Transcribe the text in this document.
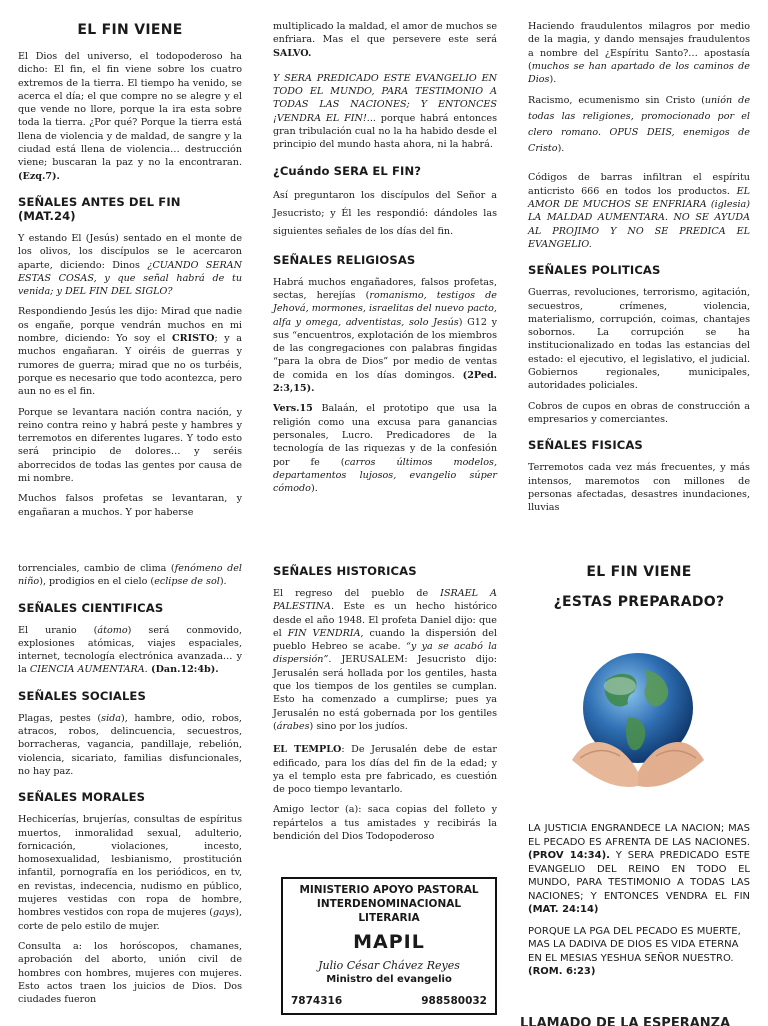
EL FIN VIENE

El Dios del universo, el todopoderoso ha dicho: El fin, el fin viene sobre los cuatro extremos de la tierra. El tiempo ha venido, se acerca el día; el que compre no se alegre y el que vende no llore, porque la ira esta sobre toda la tierra. ¿Por qué? Porque la tierra está llena de violencia y de maldad, de sangre y la ciudad está llena de violencia… destrucción viene; buscaran la paz y no la encontraran. (Ezq.7).

SEÑALES ANTES DEL FIN (MAT.24)

Y estando El (Jesús) sentado en el monte de los olivos, los discípulos se le acercaron aparte, diciendo: Dinos ¿CUANDO SERAN ESTAS COSAS, y que señal habrá de tu venida; y DEL FIN DEL SIGLO?

Respondiendo Jesús les dijo: Mirad que nadie os engañe, porque vendrán muchos en mi nombre, diciendo: Yo soy el CRISTO; y a muchos engañaran. Y oiréis de guerras y rumores de guerra; mirad que no os turbéis, porque es necesario que todo acontezca, pero aun no es el fin.

Porque se levantara nación contra nación, y reino contra reino y habrá peste y hambres y terremotos en diferentes lugares. Y todo esto será principio de dolores… y seréis aborrecidos de todas las gentes por causa de mi nombre.

Muchos falsos profetas se levantaran, y engañaran a muchos. Y por haberse

multiplicado la maldad, el amor de muchos se enfriara. Mas el que persevere este será SALVO.

Y SERA PREDICADO ESTE EVANGELIO EN TODO EL MUNDO, PARA TESTIMONIO A TODAS LAS NACIONES; Y ENTONCES ¡VENDRA EL FIN!... porque habrá entonces gran tribulación cual no la ha habido desde el principio del mundo hasta ahora, ni la habrá.

¿Cuándo SERA EL FIN?

Así preguntaron los discípulos del Señor a Jesucristo; y Él les respondió: dándoles las siguientes señales de los días del fin.

SEÑALES RELIGIOSAS

Habrá muchos engañadores, falsos profetas, sectas, herejías (romanismo, testigos de Jehová, mormones, israelitas del nuevo pacto, alfa y omega, adventistas, solo Jesús) G12 y sus “encuentros, explotación de los miembros de las congregaciones con palabras fingidas “para la obra de Dios” por medio de ventas de comida en los días domingos. (2Ped. 2:3,15).

Vers.15 Balaán, el prototipo que usa la religión como una excusa para ganancias personales, Lucro. Predicadores de la tecnología de las riquezas y de la confesión por fe (carros últimos modelos, departamentos lujosos, evangelio súper cómodo).

Haciendo fraudulentos milagros por medio de la magia, y dando mensajes fraudulentos a nombre del ¿Espíritu Santo?… apostasía (muchos se han apartado de los caminos de Dios).

Racismo, ecumenismo sin Cristo (unión de todas las religiones, promocionado por el clero romano. OPUS DEIS, enemigos de Cristo).

Códigos de barras infiltran el espíritu anticristo 666 en todos los productos. EL AMOR DE MUCHOS SE ENFRIARA (iglesia) LA MALDAD AUMENTARA. NO SE AYUDA AL PROJIMO Y NO SE PREDICA EL EVANGELIO.

SEÑALES POLITICAS

Guerras, revoluciones, terrorismo, agitación, secuestros, crímenes, violencia, materialismo, corrupción, coimas, chantajes sobornos. La corrupción se ha institucionalizado en todas las estancias del estado: el ejecutivo, el legislativo, el judicial. Gobiernos regionales, municipales, autoridades policiales.

Cobros de cupos en obras de construcción a empresarios y comerciantes.

SEÑALES FISICAS

Terremotos cada vez más frecuentes, y más intensos, maremotos con millones de personas afectadas, desastres inundaciones, lluvias

torrenciales, cambio de clima (fenómeno del niño), prodigios en el cielo (eclipse de sol).

SEÑALES CIENTIFICAS

El uranio (átomo) será conmovido, explosiones atómicas, viajes espaciales, internet, tecnología electrónica avanzada… y la CIENCIA AUMENTARA. (Dan.12:4b).

SEÑALES SOCIALES

Plagas, pestes (sida), hambre, odio, robos, atracos, robos, delincuencia, secuestros, borracheras, vagancia, pandillaje, rebelión, violencia, sicariato, familias disfuncionales, no hay paz.

SEÑALES MORALES

Hechicerías, brujerías, consultas de espíritus muertos, inmoralidad sexual, adulterio, fornicación, violaciones, incesto, homosexualidad, lesbianismo, prostitución infantil, pornografía en los periódicos, en tv, en revistas, indecencia, nudismo en público, mujeres vestidas con ropa de hombre, hombres vestidos con ropa de mujeres (gays), corte de pelo estilo de mujer.

Consulta a: los horóscopos, chamanes, aprobación del aborto, unión civil de hombres con hombres, mujeres con mujeres. Esto actos traen los juicios de Dios. Dos ciudades fueron

SEÑALES HISTORICAS

El regreso del pueblo de ISRAEL A PALESTINA. Este es un hecho histórico desde el año 1948. El profeta Daniel dijo: que el FIN VENDRIA, cuando la dispersión del pueblo Hebreo se acabe. “y ya se acabó la dispersión”. JERUSALEM: Jesucristo dijo: Jerusalén será hollada por los gentiles, hasta que los tiempos de los gentiles se cumplan. Esto ha comenzado a cumplirse; pues ya Jerusalén no está gobernada por los gentiles (árabes) sino por los judíos.

EL TEMPLO: De Jerusalén debe de estar edificado, para los días del fin de la edad; y ya el templo esta pre fabricado, es cuestión de poco tiempo levantarlo.

Amigo lector (a): saca copias del folleto y repártelos a tus amistades y recibirás la bendición del Dios Todopoderoso

MINISTERIO APOYO PASTORAL INTERDENOMINACIONAL LITERARIA
MAPIL
Julio César Chávez Reyes
Ministro del evangelio
7874316	988580032
EL FIN VIENE
¿ESTAS PREPARADO?

LA JUSTICIA ENGRANDECE LA NACION; MAS EL PECADO ES AFRENTA DE LAS NACIONES. (PROV 14:34). Y SERA PREDICADO ESTE EVANGELIO DEL REINO EN TODO EL MUNDO, PARA TESTIMONIO A TODAS LAS NACIONES; Y ENTONCES VENDRA EL FIN (MAT. 24:14)

PORQUE LA PGA DEL PECADO ES MUERTE, MAS LA DADIVA DE DIOS ES VIDA ETERNA EN EL MESIAS YESHUA SEÑOR NUESTRO. (ROM. 6:23)

LLAMADO DE LA ESPERANZA
